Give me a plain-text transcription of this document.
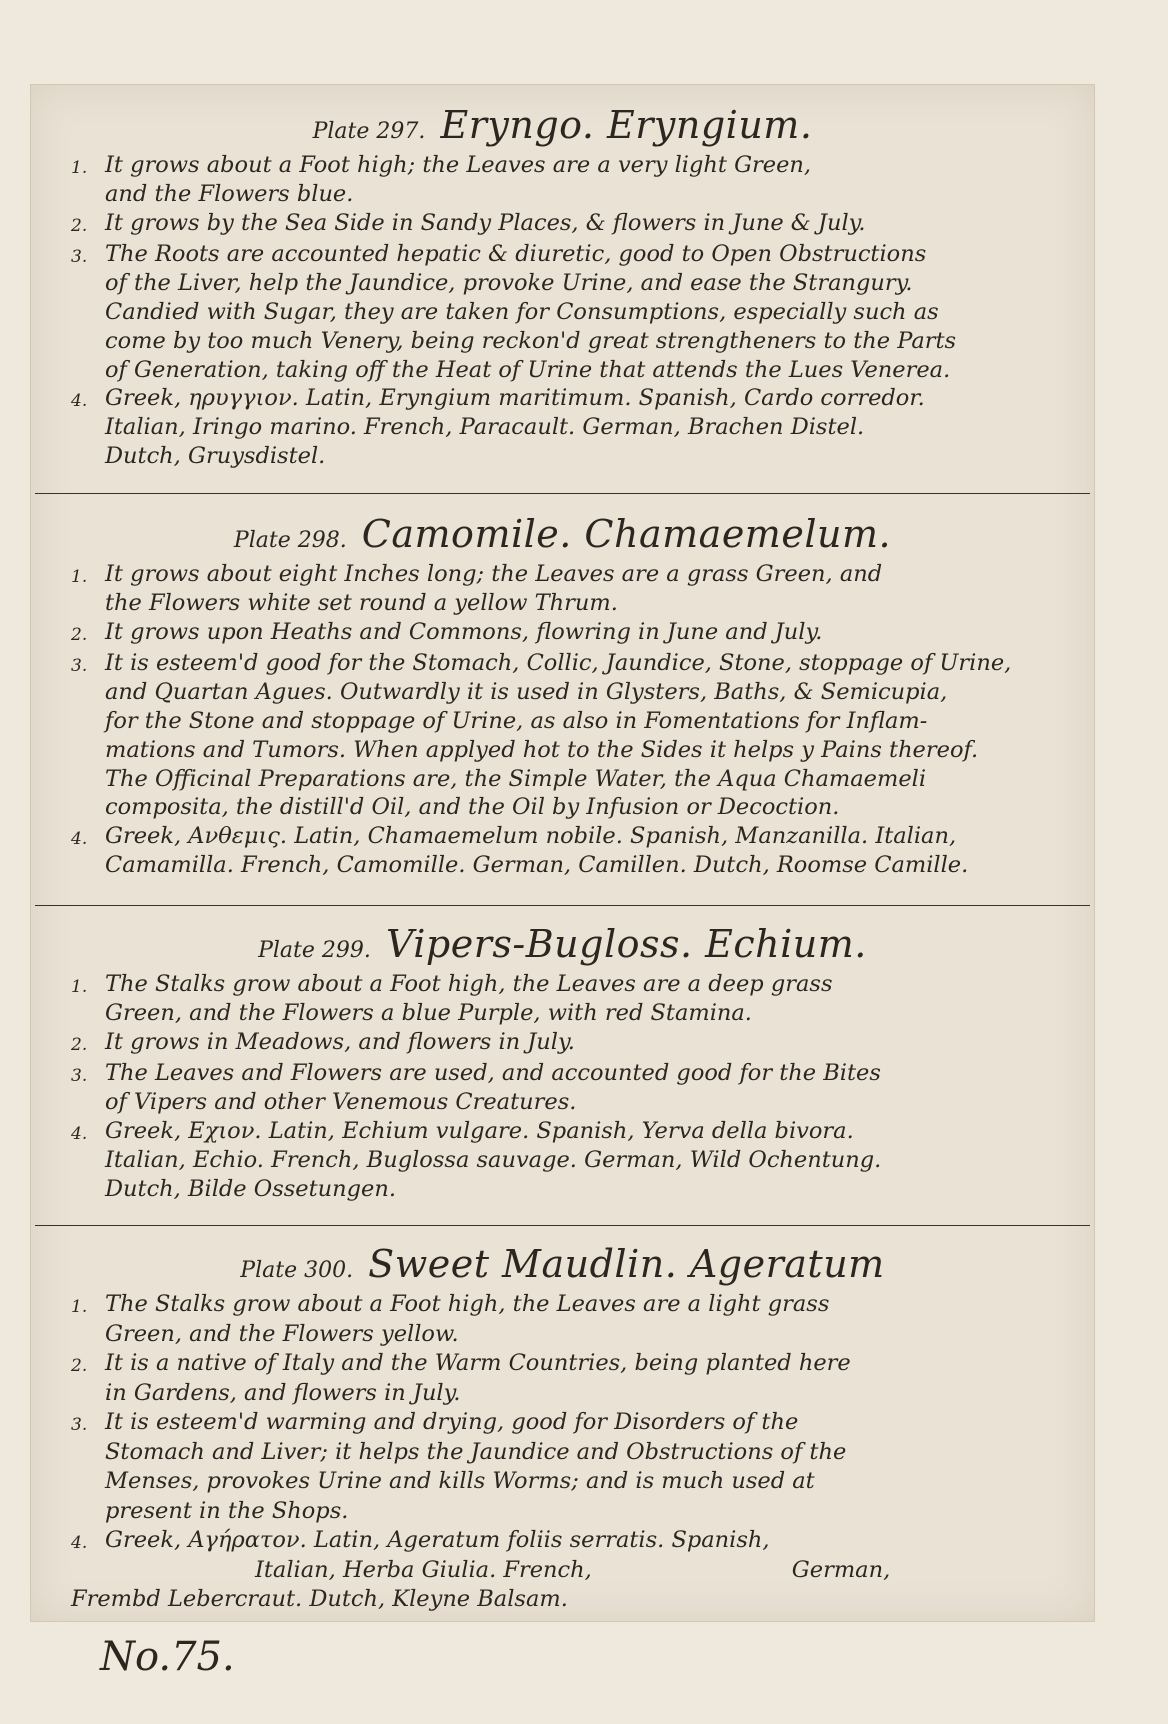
Plate 297. Eryngo. Eryngium.
1. It grows about a Foot high; the Leaves are a very light Green,
and the Flowers blue.
2. It grows by the Sea Side in Sandy Places, & flowers in June & July.
3. The Roots are accounted hepatic & diuretic, good to Open Obstructions
of the Liver, help the Jaundice, provoke Urine, and ease the Strangury.
Candied with Sugar, they are taken for Consumptions, especially such as
come by too much Venery, being reckon'd great strengtheners to the Parts
of Generation, taking off the Heat of Urine that attends the Lues Venerea.
4. Greek, ηρυγγιον. Latin, Eryngium maritimum. Spanish, Cardo corredor.
Italian, Iringo marino. French, Paracault. German, Brachen Distel.
Dutch, Gruysdistel.
Plate 298. Camomile. Chamaemelum.
1. It grows about eight Inches long; the Leaves are a grass Green, and
the Flowers white set round a yellow Thrum.
2. It grows upon Heaths and Commons, flowring in June and July.
3. It is esteem'd good for the Stomach, Collic, Jaundice, Stone, stoppage of Urine,
and Quartan Agues. Outwardly it is used in Glysters, Baths, & Semicupia,
for the Stone and stoppage of Urine, as also in Fomentations for Inflam-
mations and Tumors. When applyed hot to the Sides it helps y Pains thereof.
The Officinal Preparations are, the Simple Water, the Aqua Chamaemeli
composita, the distill'd Oil, and the Oil by Infusion or Decoction.
4. Greek, Ανθεμις. Latin, Chamaemelum nobile. Spanish, Manzanilla. Italian,
Camamilla. French, Camomille. German, Camillen. Dutch, Roomse Camille.
Plate 299. Vipers-Bugloss. Echium.
1. The Stalks grow about a Foot high, the Leaves are a deep grass
Green, and the Flowers a blue Purple, with red Stamina.
2. It grows in Meadows, and flowers in July.
3. The Leaves and Flowers are used, and accounted good for the Bites
of Vipers and other Venemous Creatures.
4. Greek, Εχιον. Latin, Echium vulgare. Spanish, Yerva della bivora.
Italian, Echio. French, Buglossa sauvage. German, Wild Ochentung.
Dutch, Bilde Ossetungen.
Plate 300. Sweet Maudlin. Ageratum
1. The Stalks grow about a Foot high, the Leaves are a light grass
Green, and the Flowers yellow.
2. It is a native of Italy and the Warm Countries, being planted here
in Gardens, and flowers in July.
3. It is esteem'd warming and drying, good for Disorders of the
Stomach and Liver; it helps the Jaundice and Obstructions of the
Menses, provokes Urine and kills Worms; and is much used at
present in the Shops.
4. Greek, Αγήρατον. Latin, Ageratum foliis serratis. Spanish,
Italian, Herba Giulia. French,	German,
Frembd Lebercraut. Dutch, Kleyne Balsam.
No.75.
